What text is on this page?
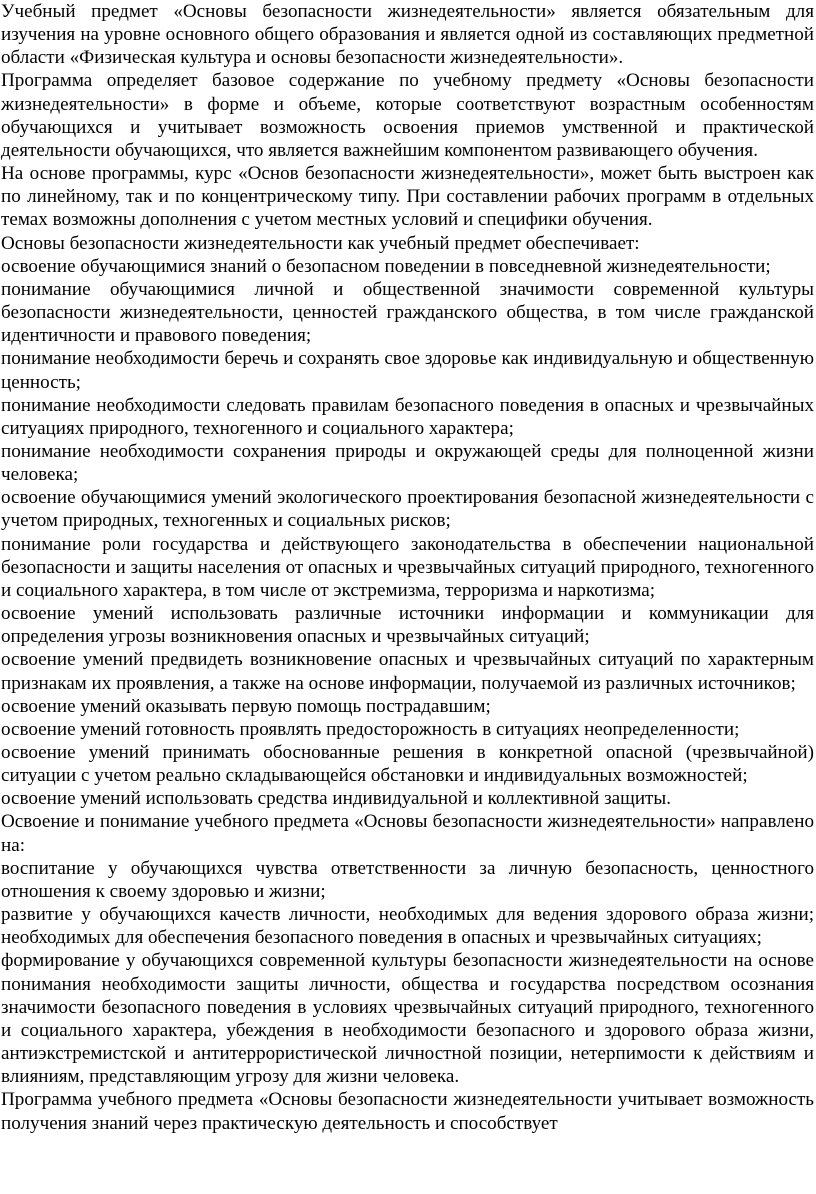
Учебный предмет «Основы безопасности жизнедеятельности» является обязательным для изучения на уровне основного общего образования и является одной из составляющих предметной области «Физическая культура и основы безопасности жизнедеятельности».

Программа определяет базовое содержание по учебному предмету «Основы безопасности жизнедеятельности» в форме и объеме, которые соответствуют возрастным особенностям обучающихся и учитывает возможность освоения приемов умственной и практической деятельности обучающихся, что является важнейшим компонентом развивающего обучения.

На основе программы, курс «Основ безопасности жизнедеятельности», может быть выстроен как по линейному, так и по концентрическому типу. При составлении рабочих программ в отдельных темах возможны дополнения с учетом местных условий и специфики обучения.

Основы безопасности жизнедеятельности как учебный предмет обеспечивает:

освоение обучающимися знаний о безопасном поведении в повседневной жизнедеятельности;

понимание обучающимися личной и общественной значимости современной культуры безопасности жизнедеятельности, ценностей гражданского общества, в том числе гражданской идентичности и правового поведения;

понимание необходимости беречь и сохранять свое здоровье как индивидуальную и общественную ценность;

понимание необходимости следовать правилам безопасного поведения в опасных и чрезвычайных ситуациях природного, техногенного и социального характера;

понимание необходимости сохранения природы и окружающей среды для полноценной жизни человека;

освоение обучающимися умений экологического проектирования безопасной жизнедеятельности с учетом природных, техногенных и социальных рисков;

понимание роли государства и действующего законодательства в обеспечении национальной безопасности и защиты населения от опасных и чрезвычайных ситуаций природного, техногенного и социального характера, в том числе от экстремизма, терроризма и наркотизма;

освоение умений использовать различные источники информации и коммуникации для определения угрозы возникновения опасных и чрезвычайных ситуаций;

освоение умений предвидеть возникновение опасных и чрезвычайных ситуаций по характерным признакам их проявления, а также на основе информации, получаемой из различных источников;

освоение умений оказывать первую помощь пострадавшим;

освоение умений готовность проявлять предосторожность в ситуациях неопределенности;

освоение умений принимать обоснованные решения в конкретной опасной (чрезвычайной) ситуации с учетом реально складывающейся обстановки и индивидуальных возможностей;

освоение умений использовать средства индивидуальной и коллективной защиты.

Освоение и понимание учебного предмета «Основы безопасности жизнедеятельности» направлено на:

воспитание у обучающихся чувства ответственности за личную безопасность, ценностного отношения к своему здоровью и жизни;

развитие у обучающихся качеств личности, необходимых для ведения здорового образа жизни; необходимых для обеспечения безопасного поведения в опасных и чрезвычайных ситуациях;

формирование у обучающихся современной культуры безопасности жизнедеятельности на основе понимания необходимости защиты личности, общества и государства посредством осознания значимости безопасного поведения в условиях чрезвычайных ситуаций природного, техногенного и социального характера, убеждения в необходимости безопасного и здорового образа жизни, антиэкстремистской и антитеррористической личностной позиции, нетерпимости к действиям и влияниям, представляющим угрозу для жизни человека.

Программа учебного предмета «Основы безопасности жизнедеятельности учитывает возможность получения знаний через практическую деятельность и способствует
